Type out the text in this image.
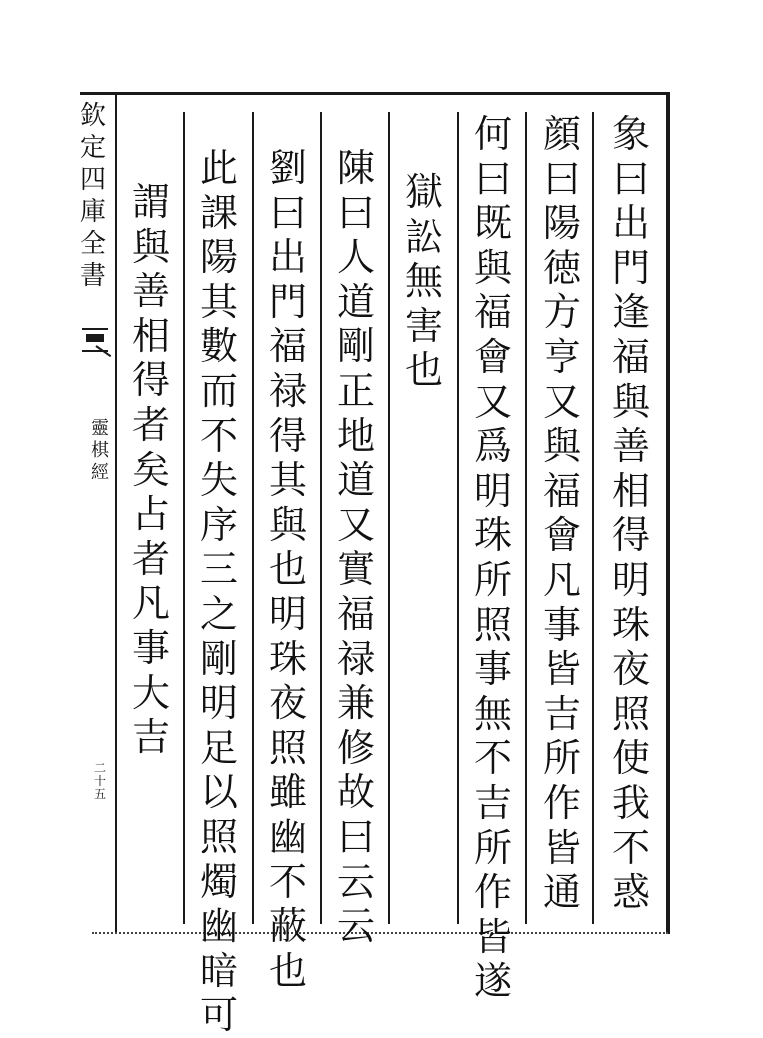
欽
定
四
庫
全
書
靈
棋
經
二
十
五
象
曰
出
門
逢
福
與
善
相
得
明
珠
夜
照
使
我
不
惑
顔
曰
陽
徳
方
亨
又
與
福
會
凡
事
皆
吉
所
作
皆
通
何
曰
既
與
福
會
又
爲
明
珠
所
照
事
無
不
吉
所
作
皆
遂
獄
訟
無
害
也
陳
曰
人
道
剛
正
地
道
又
實
福
禄
兼
修
故
曰
云
云
劉
曰
出
門
福
禄
得
其
與
也
明
珠
夜
照
雖
幽
不
蔽
也
此
課
陽
其
數
而
不
失
序
三
之
剛
明
足
以
照
燭
幽
暗
可
謂
與
善
相
得
者
矣
占
者
凡
事
大
吉
